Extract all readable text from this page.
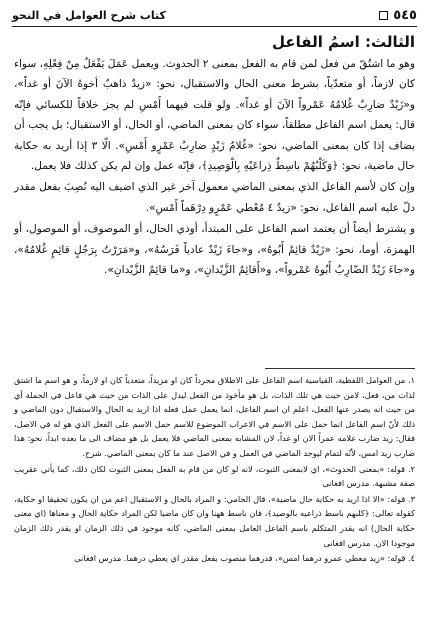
٥٤٥
كتاب شرح العوامل في النحو
الثالث: اسمُ الفاعل

وهو ما اشتُقّ من فعل لمن قام به الفعل بمعنى ٢ الحدوث. ويعمل عَمَلَ يَفْعَلُ مِنْ فِعْلِهِ، سواء كان لازماً، أو متعدّياً، بشرط معنى الحال والاستقبال، نحو: «زيدٌ ذاهبٌ أخوهُ الآنَ أو غداً»، و«زَيْدٌ ضارِبٌ غُلامُهُ عَمْرواً الآنَ أو غداً». ولو قلت فيهما أَمْسِ لم يجز خلافاً للكسائي فإنّه قال: يعمل اسم الفاعل مطلقاً، سواء كان بمعنى الماضي، أو الحال، أو الاستقبال؛ بل يجب أن يضاف إذا كان بمعنى الماضي، نحو: «غُلامُ زَيْدٍ ضارِبُ عَمْرٍو أَمْسِ». الّا ٣ إذا أريد به حكاية حال ماضية، نحو: ﴿وَكَلْبُهُمْ باسِطٌ ذِراعَيْهِ بِالْوَصِيدِ﴾، فإنّه عمل وإن لم يكن كذلك فلا يعمل.

وإن كان لأسم الفاعل الذي بمعنى الماضي معمول آخر غير الذي اضيف اليه نُصِبَ بفعل مقدر دلّ عليه اسم الفاعل، نحو: «زيدٌ ٤ مُعْطي عَمْرٍو دِرْهَماً أَمْسِ».

و يشترط أيضاً أن يعتمد اسم الفاعل على المبتدأ، أوذي الحال، أو الموصوف، أو الموصول، أو الهمزة، أوما، نحو: «زَيْدٌ قائِمٌ أَبُوهُ»، و«جاءَ زَيْدٌ عادياً فَرَسُهُ»، و«مَرَرْتُ بِرَجُلٍ قائِمٍ غُلامُهُ»، و«جاءَ زَيْدٌ الضّارِبُ أَبُوهُ عَمْرواً»، و«أَقائِمٌ الزَّيْدانِ»، و«ما قائِمٌ الزَّيْدانِ».

١. من العوامل اللفظية، القياسية اسم الفاعل على الاطلاق مجرداً كان او مزيداً، متعدياً كان او لازماً، و هو اسم ما اشتق لذات من، فعل، لامن حيث هي تلك الذات، بل هو مأخوذ من الفعل ليدل على الذات من حيث هي فاعل في الجملة أي من حيث انه يصدر عنها الفعل، اعلم ان اسم الفاعل، انما يعمل عمل فعله اذا اريد به الحال والاستقبال دون الماضي و ذلك لأنّ اسم الفاعل انما حمل على الاسم في الاعراب الموضوع للاسم حمل الاسم على الفعل الذي هو له في الاصل، فقال: زيد ضارب غلامه عمراً الان او غداً، لان المشابه بمعنى الماضي فلا يعمل بل هو مضاف الى ما بعده ابداً، نحو: هذا ضارب زيد امس، لأنّه لتمام ليوجد الماضي في العمل و في الاصل عند ما كان بمعنى الماضي. شرح.

٢. قوله: «بمعنى الحدوث»، اي لابمعنى الثبوت، لانه لو كان من قام به الفعل بمعنى الثبوت لكان ذلك، كما يأتي عقريب صفة مشبهة. مدرس افغانى

٣. قوله: «الا اذا اريد به حكاية حال ماضية»، قال الجامي: و المراد بالحال و الاستقبال اعم من ان يكون تحقيقا او حكاية، كقوله تعالى: ﴿كلبهم باسط ذراعيه بالوصيد﴾، فان باسط ههنا وان كان ماضيا لكن المراد حكاية الحال و معناها (اي معنى حكاية الحال) انه يقدر المتكلم باسم الفاعل العامل بمعنى الماضي، كانه موجود في ذلك الزمان او يقدر ذلك الزمان موجودا الان. مدرس افغانى

٤. قوله: «زيد معطي عمرو درهما امس»، فدرهما منصوب بفعل مقدر اي يعطي درهما. مدرس افغانى
